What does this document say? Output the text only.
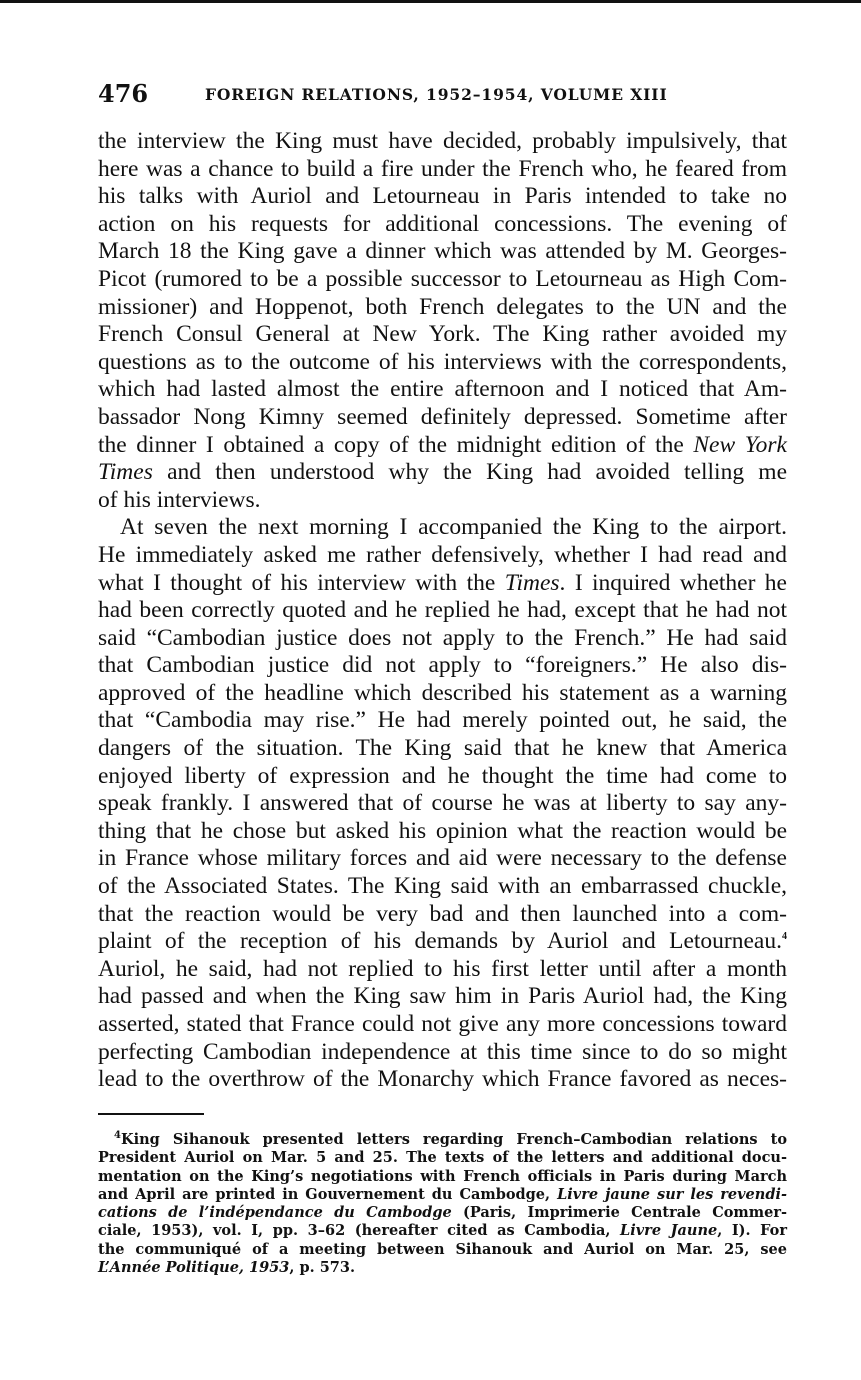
476	FOREIGN RELATIONS, 1952–1954, VOLUME XIII
the interview the King must have decided, probably impulsively, that
here was a chance to build a fire under the French who, he feared from
his talks with Auriol and Letourneau in Paris intended to take no
action on his requests for additional concessions. The evening of
March 18 the King gave a dinner which was attended by M. Georges-
Picot (rumored to be a possible successor to Letourneau as High Com-
missioner) and Hoppenot, both French delegates to the UN and the
French Consul General at New York. The King rather avoided my
questions as to the outcome of his interviews with the correspondents,
which had lasted almost the entire afternoon and I noticed that Am-
bassador Nong Kimny seemed definitely depressed. Sometime after
the dinner I obtained a copy of the midnight edition of the New York
Times and then understood why the King had avoided telling me
of his interviews.
At seven the next morning I accompanied the King to the airport.
He immediately asked me rather defensively, whether I had read and
what I thought of his interview with the Times. I inquired whether he
had been correctly quoted and he replied he had, except that he had not
said “Cambodian justice does not apply to the French.” He had said
that Cambodian justice did not apply to “foreigners.” He also dis-
approved of the headline which described his statement as a warning
that “Cambodia may rise.” He had merely pointed out, he said, the
dangers of the situation. The King said that he knew that America
enjoyed liberty of expression and he thought the time had come to
speak frankly. I answered that of course he was at liberty to say any-
thing that he chose but asked his opinion what the reaction would be
in France whose military forces and aid were necessary to the defense
of the Associated States. The King said with an embarrassed chuckle,
that the reaction would be very bad and then launched into a com-
plaint of the reception of his demands by Auriol and Letourneau.$^4$
Auriol, he said, had not replied to his first letter until after a month
had passed and when the King saw him in Paris Auriol had, the King
asserted, stated that France could not give any more concessions toward
perfecting Cambodian independence at this time since to do so might
lead to the overthrow of the Monarchy which France favored as neces-
$^4$King Sihanouk presented letters regarding French–Cambodian relations to
President Auriol on Mar. 5 and 25. The texts of the letters and additional docu-
mentation on the King’s negotiations with French officials in Paris during March
and April are printed in Gouvernement du Cambodge, Livre jaune sur les revendi-
cations de l’indépendance du Cambodge (Paris, Imprimerie Centrale Commer-
ciale, 1953), vol. I, pp. 3–62 (hereafter cited as Cambodia, Livre Jaune, I). For
the communiqué of a meeting between Sihanouk and Auriol on Mar. 25, see
L’Année Politique, 1953, p. 573.
